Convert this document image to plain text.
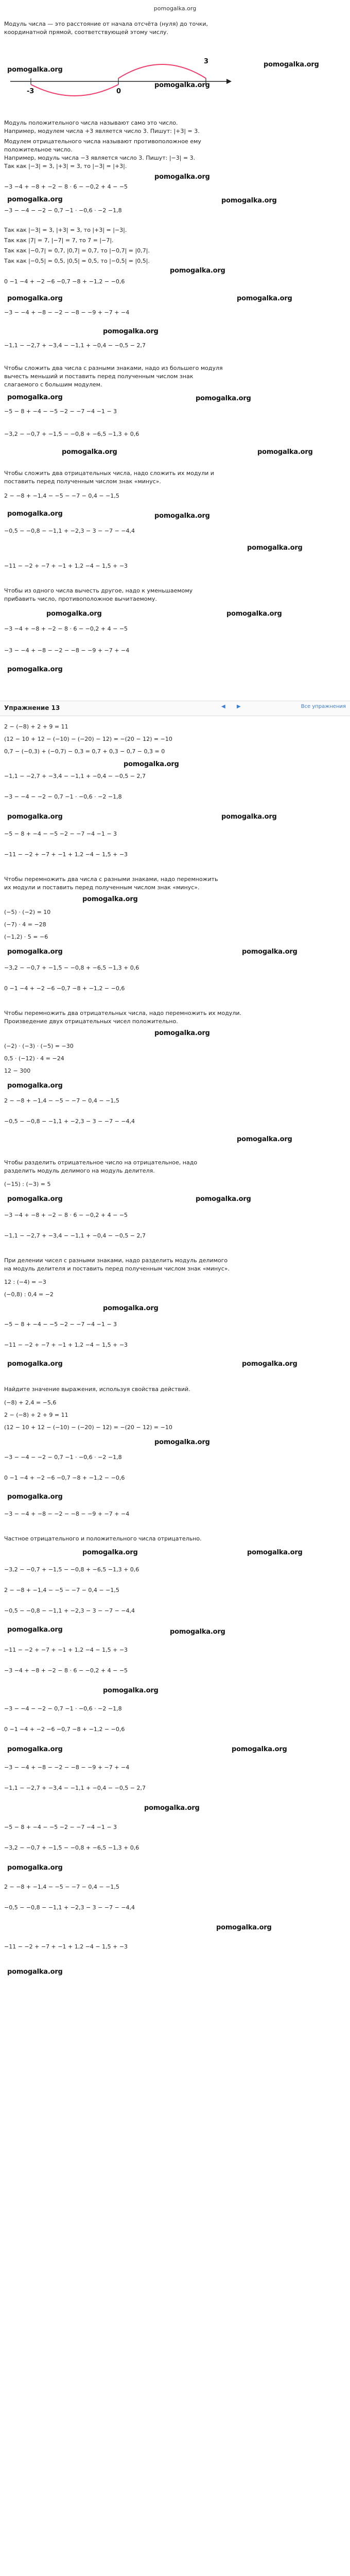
pomogalka.org
Модуль числа — это расстояние от начала отсчёта (нуля) до точки,
координатной прямой, соответствующей этому числу.
-3	0
3
pomogalka.org
pomogalka.org
pomogalka.org
Модуль положительного числа называют само это число.
Например, модулем числа +3 является число 3. Пишут: |+3| = 3.
Модулем отрицательного числа называют противоположное ему
положительное число.
Например, модуль числа −3 является число 3. Пишут: |−3| = 3.
Так как |−3| = 3, |+3| = 3, то |−3| = |+3|.
pomogalka.org
−3 −4 + −8 + −2 − 8 · 6 − −0,2 + 4 − −5
pomogalka.org	pomogalka.org
−3 − −4 − −2 − 0,7 −1 · −0,6 · −2 −1,8
Так как |−3| = 3, |+3| = 3, то |+3| = |−3|.
Так как |7| = 7, |−7| = 7, то 7 = |−7|.
Так как |−0,7| = 0,7, |0,7| = 0,7, то |−0,7| = |0,7|.
Так как |−0,5| = 0,5, |0,5| = 0,5, то |−0,5| = |0,5|.
pomogalka.org
0 −1 −4 + −2 −6 −0,7 −8 + −1,2 − −0,6
pomogalka.org	pomogalka.org
−3 − −4 + −8 − −2 − −8 − −9 + −7 + −4
pomogalka.org
−1,1 − −2,7 + −3,4 − −1,1 + −0,4 − −0,5 − 2,7
Чтобы сложить два числа с разными знаками, надо из большего модуля
вычесть меньший и поставить перед полученным числом знак
слагаемого с большим модулем.
pomogalka.org	pomogalka.org
−5 − 8 + −4 − −5 −2 − −7 −4 −1 − 3
−3,2 − −0,7 + −1,5 − −0,8 + −6,5 −1,3 + 0,6
pomogalka.org	pomogalka.org
Чтобы сложить два отрицательных числа, надо сложить их модули и
поставить перед полученным числом знак «минус».
2 − −8 + −1,4 − −5 − −7 − 0,4 − −1,5
pomogalka.org	pomogalka.org
−0,5 − −0,8 − −1,1 + −2,3 − 3 − −7 − −4,4
pomogalka.org
−11 − −2 + −7 + −1 + 1,2 −4 − 1,5 + −3
Чтобы из одного числа вычесть другое, надо к уменьшаемому
прибавить число, противоположное вычитаемому.
pomogalka.org	pomogalka.org
−3 −4 + −8 + −2 − 8 · 6 − −0,2 + 4 − −5
−3 − −4 + −8 − −2 − −8 − −9 + −7 + −4
pomogalka.org
Упражнение 13	◀ ▶	Все упражнения
2 − (−8) + 2 + 9 = 11
(12 − 10 + 12 − (−10) − (−20) − 12) = −(20 − 12) = −10
0,7 − (−0,3) + (−0,7) − 0,3 = 0,7 + 0,3 − 0,7 − 0,3 = 0
pomogalka.org
−1,1 − −2,7 + −3,4 − −1,1 + −0,4 − −0,5 − 2,7
−3 − −4 − −2 − 0,7 −1 · −0,6 · −2 −1,8
pomogalka.org	pomogalka.org
−5 − 8 + −4 − −5 −2 − −7 −4 −1 − 3
−11 − −2 + −7 + −1 + 1,2 −4 − 1,5 + −3
Чтобы перемножить два числа с разными знаками, надо перемножить
их модули и поставить перед полученным числом знак «минус».
pomogalka.org
(−5) · (−2) = 10
(−7) · 4 = −28
(−1,2) · 5 = −6
pomogalka.org	pomogalka.org
−3,2 − −0,7 + −1,5 − −0,8 + −6,5 −1,3 + 0,6
0 −1 −4 + −2 −6 −0,7 −8 + −1,2 − −0,6
Чтобы перемножить два отрицательных числа, надо перемножить их модули.
Произведение двух отрицательных чисел положительно.
pomogalka.org
(−2) · (−3) · (−5) = −30
0,5 · (−12) · 4 = −24
12 − 300
pomogalka.org
2 − −8 + −1,4 − −5 − −7 − 0,4 − −1,5
−0,5 − −0,8 − −1,1 + −2,3 − 3 − −7 − −4,4
pomogalka.org
Чтобы разделить отрицательное число на отрицательное, надо
разделить модуль делимого на модуль делителя.
(−15) : (−3) = 5
pomogalka.org	pomogalka.org
−3 −4 + −8 + −2 − 8 · 6 − −0,2 + 4 − −5
−1,1 − −2,7 + −3,4 − −1,1 + −0,4 − −0,5 − 2,7
При делении чисел с разными знаками, надо разделить модуль делимого
на модуль делителя и поставить перед полученным числом знак «минус».
12 : (−4) = −3
(−0,8) : 0,4 = −2
pomogalka.org
−5 − 8 + −4 − −5 −2 − −7 −4 −1 − 3
−11 − −2 + −7 + −1 + 1,2 −4 − 1,5 + −3
pomogalka.org	pomogalka.org
Найдите значение выражения, используя свойства действий.
(−8) + 2,4 = −5,6
2 − (−8) + 2 + 9 = 11
(12 − 10 + 12 − (−10) − (−20) − 12) = −(20 − 12) = −10
pomogalka.org
−3 − −4 − −2 − 0,7 −1 · −0,6 · −2 −1,8
0 −1 −4 + −2 −6 −0,7 −8 + −1,2 − −0,6
pomogalka.org
−3 − −4 + −8 − −2 − −8 − −9 + −7 + −4
Частное отрицательного и положительного числа отрицательно.
pomogalka.org	pomogalka.org
−3,2 − −0,7 + −1,5 − −0,8 + −6,5 −1,3 + 0,6
2 − −8 + −1,4 − −5 − −7 − 0,4 − −1,5
−0,5 − −0,8 − −1,1 + −2,3 − 3 − −7 − −4,4
pomogalka.org	pomogalka.org
−11 − −2 + −7 + −1 + 1,2 −4 − 1,5 + −3
−3 −4 + −8 + −2 − 8 · 6 − −0,2 + 4 − −5
pomogalka.org
−3 − −4 − −2 − 0,7 −1 · −0,6 · −2 −1,8
0 −1 −4 + −2 −6 −0,7 −8 + −1,2 − −0,6
pomogalka.org	pomogalka.org
−3 − −4 + −8 − −2 − −8 − −9 + −7 + −4
−1,1 − −2,7 + −3,4 − −1,1 + −0,4 − −0,5 − 2,7
pomogalka.org
−5 − 8 + −4 − −5 −2 − −7 −4 −1 − 3
−3,2 − −0,7 + −1,5 − −0,8 + −6,5 −1,3 + 0,6
pomogalka.org
2 − −8 + −1,4 − −5 − −7 − 0,4 − −1,5
−0,5 − −0,8 − −1,1 + −2,3 − 3 − −7 − −4,4
pomogalka.org
−11 − −2 + −7 + −1 + 1,2 −4 − 1,5 + −3
pomogalka.org
